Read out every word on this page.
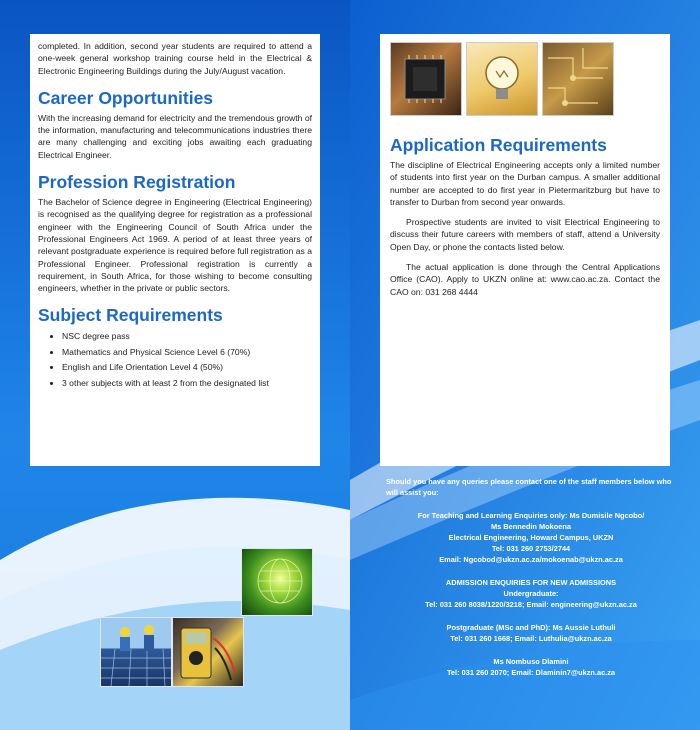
completed. In addition, second year students are required to attend a one-week general workshop training course held in the Electrical & Electronic Engineering Buildings during the July/August vacation.

Career Opportunities

With the increasing demand for electricity and the tremendous growth of the information, manufacturing and telecommunications industries there are many challenging and exciting jobs awaiting each graduating Electrical Engineer.

Profession Registration

The Bachelor of Science degree in Engineering (Electrical Engineering) is recognised as the qualifying degree for registration as a professional engineer with the Engineering Council of South Africa under the Professional Engineers Act 1969. A period of at least three years of relevant postgraduate experience is required before full registration as a Professional Engineer. Professional registration is currently a requirement, in South Africa, for those wishing to become consulting engineers, whether in the private or public sectors.

Subject Requirements
• NSC degree pass
• Mathematics and Physical Science Level 6 (70%)
• English and Life Orientation Level 4 (50%)
• 3 other subjects with at least 2 from the designated list
Application Requirements

The discipline of Electrical Engineering accepts only a limited number of students into first year on the Durban campus. A smaller additional number are accepted to do first year in Pietermaritzburg but have to transfer to Durban from second year onwards.

Prospective students are invited to visit Electrical Engineering to discuss their future careers with members of staff, attend a University Open Day, or phone the contacts listed below.

The actual application is done through the Central Applications Office (CAO). Apply to UKZN online at: www.cao.ac.za. Contact the CAO on: 031 268 4444

Should you have any queries please contact one of the staff members below who will assist you:

For Teaching and Learning Enquiries only: Ms Dumisile Ngcobo/

Ms Bennedin Mokoena

Electrical Engineering, Howard Campus, UKZN

Tel: 031 260 2753/2744

Email: Ngcobod@ukzn.ac.za/mokoenab@ukzn.ac.za

ADMISSION ENQUIRIES FOR NEW ADMISSIONS

Undergraduate:

Tel: 031 260 8038/1220/3218; Email: engineering@ukzn.ac.za

Postgraduate (MSc and PhD): Ms Aussie Luthuli

Tel: 031 260 1668; Email: Luthulia@ukzn.ac.za

Ms Nombuso Dlamini

Tel: 031 260 2070; Email: Dlaminin7@ukzn.ac.za
